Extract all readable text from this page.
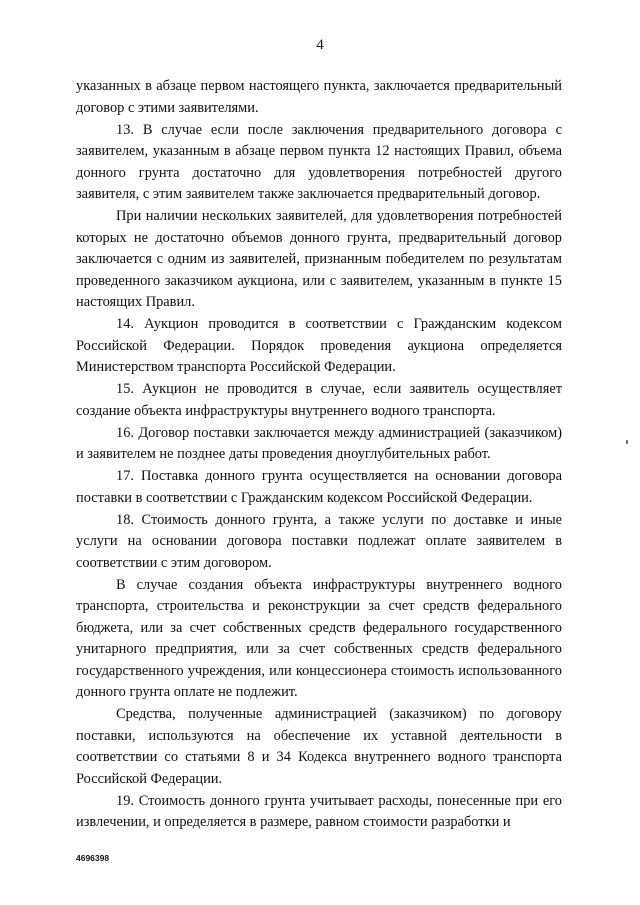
4

указанных в абзаце первом настоящего пункта, заключается предварительный договор с этими заявителями.

13. В случае если после заключения предварительного договора с заявителем, указанным в абзаце первом пункта 12 настоящих Правил, объема донного грунта достаточно для удовлетворения потребностей другого заявителя, с этим заявителем также заключается предварительный договор.

При наличии нескольких заявителей, для удовлетворения потребностей которых не достаточно объемов донного грунта, предварительный договор заключается с одним из заявителей, признанным победителем по результатам проведенного заказчиком аукциона, или с заявителем, указанным в пункте 15 настоящих Правил.

14. Аукцион проводится в соответствии с Гражданским кодексом Российской Федерации. Порядок проведения аукциона определяется Министерством транспорта Российской Федерации.

15. Аукцион не проводится в случае, если заявитель осуществляет создание объекта инфраструктуры внутреннего водного транспорта.

16. Договор поставки заключается между администрацией (заказчиком) и заявителем не позднее даты проведения дноуглубительных работ.

17. Поставка донного грунта осуществляется на основании договора поставки в соответствии с Гражданским кодексом Российской Федерации.

18. Стоимость донного грунта, а также услуги по доставке и иные услуги на основании договора поставки подлежат оплате заявителем в соответствии с этим договором.

В случае создания объекта инфраструктуры внутреннего водного транспорта, строительства и реконструкции за счет средств федерального бюджета, или за счет собственных средств федерального государственного унитарного предприятия, или за счет собственных средств федерального государственного учреждения, или концессионера стоимость использованного донного грунта оплате не подлежит.

Средства, полученные администрацией (заказчиком) по договору поставки, используются на обеспечение их уставной деятельности в соответствии со статьями 8 и 34 Кодекса внутреннего водного транспорта Российской Федерации.

19. Стоимость донного грунта учитывает расходы, понесенные при его извлечении, и определяется в размере, равном стоимости разработки и

4696398
